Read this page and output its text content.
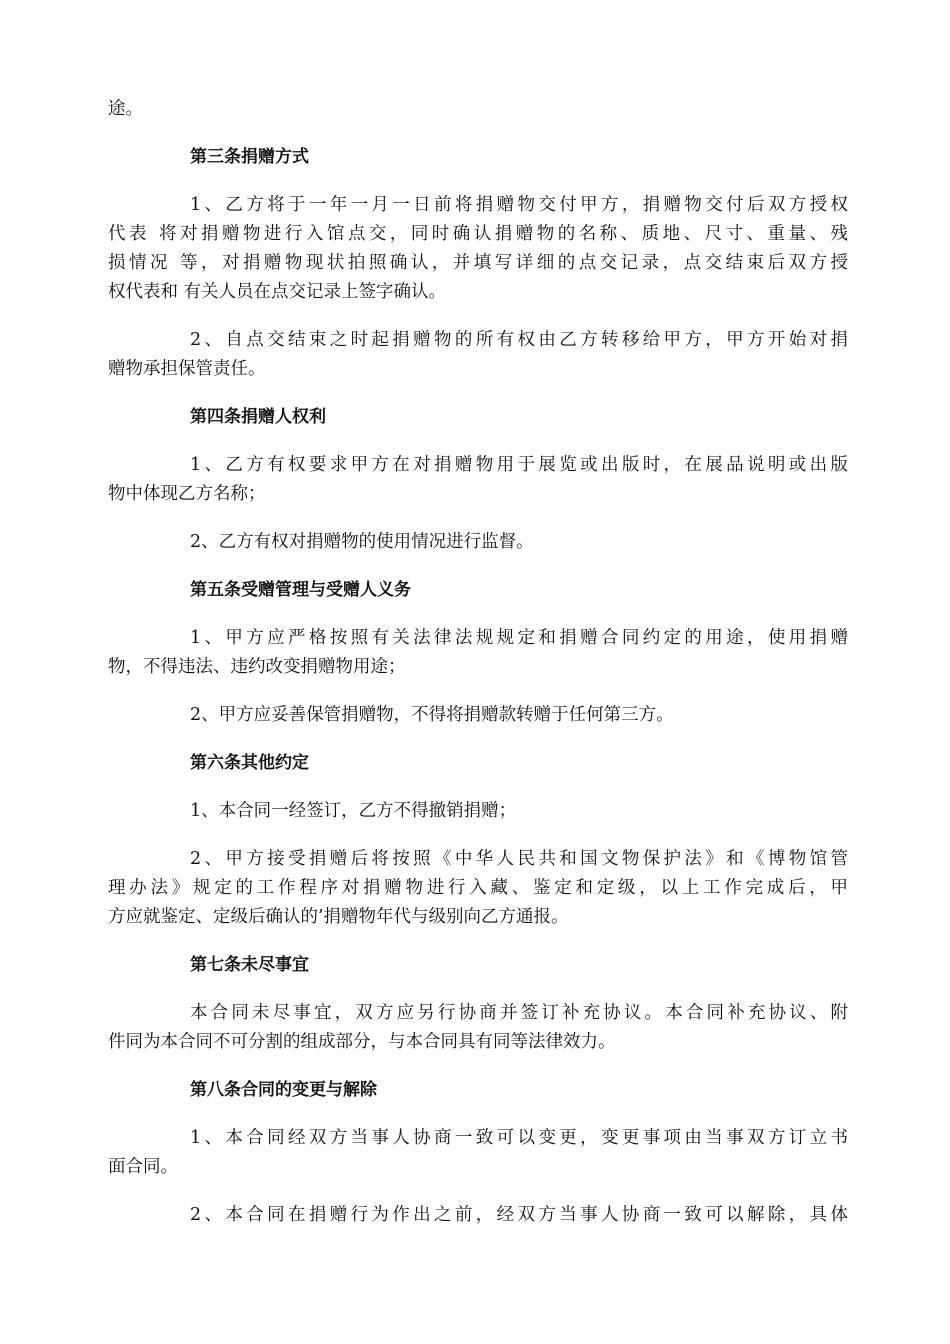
途。
第三条捐赠方式
1、乙方将于一年一月一日前将捐赠物交付甲方，捐赠物交付后双方授权
代表 将对捐赠物进行入馆点交，同时确认捐赠物的名称、质地、尺寸、重量、残
损情况 等，对捐赠物现状拍照确认，并填写详细的点交记录，点交结束后双方授
权代表和 有关人员在点交记录上签字确认。
2、自点交结束之时起捐赠物的所有权由乙方转移给甲方，甲方开始对捐
赠物承担保管责任。
第四条捐赠人权利
1、乙方有权要求甲方在对捐赠物用于展览或出版时，在展品说明或出版
物中体现乙方名称；
2、乙方有权对捐赠物的使用情况进行监督。
第五条受赠管理与受赠人义务
1、甲方应严格按照有关法律法规规定和捐赠合同约定的用途，使用捐赠
物，不得违法、违约改变捐赠物用途；
2、甲方应妥善保管捐赠物，不得将捐赠款转赠于任何第三方。
第六条其他约定
1、本合同一经签订，乙方不得撤销捐赠；
2、甲方接受捐赠后将按照《中华人民共和国文物保护法》和《博物馆管
理办法》规定的工作程序对捐赠物进行入藏、鉴定和定级，以上工作完成后，甲
方应就鉴定、定级后确认的’捐赠物年代与级别向乙方通报。
第七条未尽事宜
本合同未尽事宜，双方应另行协商并签订补充协议。本合同补充协议、附
件同为本合同不可分割的组成部分，与本合同具有同等法律效力。
第八条合同的变更与解除
1、本合同经双方当事人协商一致可以变更，变更事项由当事双方订立书
面合同。
2、本合同在捐赠行为作出之前，经双方当事人协商一致可以解除，具体
